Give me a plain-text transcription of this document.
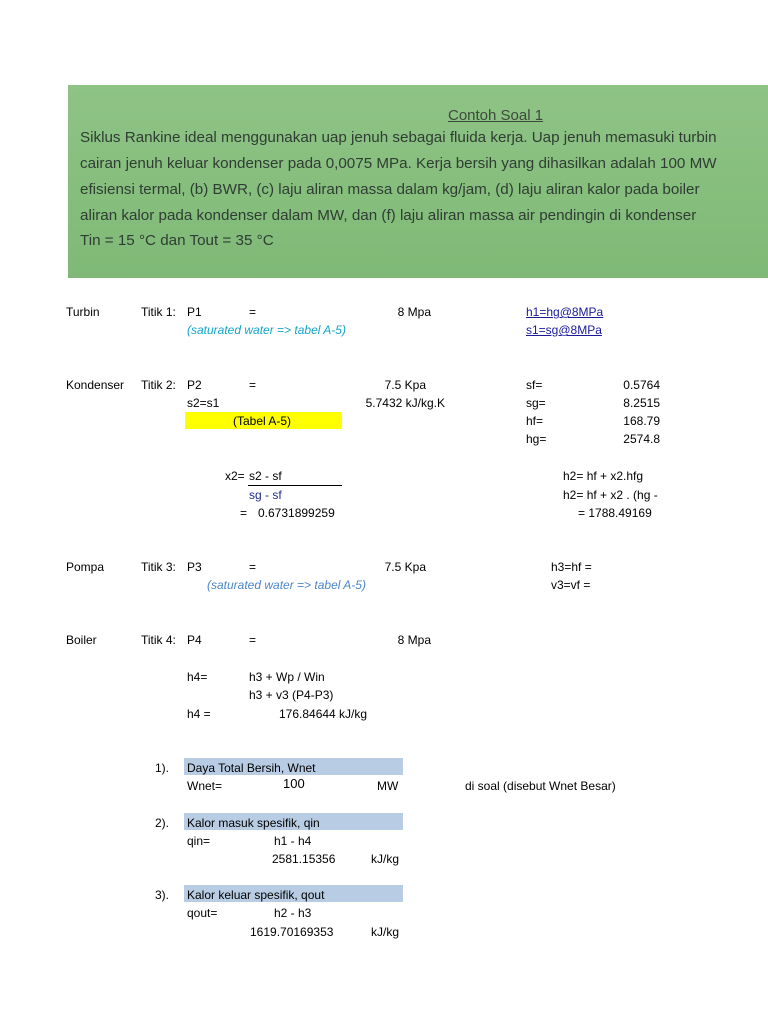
Contoh Soal 1
Siklus Rankine ideal menggunakan uap jenuh sebagai fluida kerja. Uap jenuh memasuki turbin
cairan jenuh keluar kondenser pada 0,0075 MPa. Kerja bersih yang dihasilkan adalah 100 MW
efisiensi termal, (b) BWR, (c) laju aliran massa dalam kg/jam, (d) laju aliran kalor pada boiler
aliran kalor pada kondenser dalam MW, dan (f) laju aliran massa air pendingin di kondenser
Tin = 15 °C dan Tout = 35 °C
Turbin	Titik 1: P1	=	8 Mpa
(saturated water => tabel A-5)
h1=hg@8MPa
s1=sg@8MPa
Kondenser Titik 2: P2	=	7.5 Kpa
s2=s1	5.7432 kJ/kg.K
(Tabel A-5)
sf=	0.5764
sg=	8.2515
hf=	168.79
hg=	2574.8
x2= s2 - sf
sg - sf
= 0.6731899259
h2= hf + x2.hfg
h2= hf + x2 . (hg -
= 1788.49169
Pompa	Titik 3: P3	=	7.5 Kpa
(saturated water => tabel A-5)
h3=hf =
v3=vf =
Boiler	Titik 4: P4	=	8 Mpa
h4=	h3 + Wp / Win
h3 + v3 (P4-P3)
h4 =	176.84644 kJ/kg
1). Daya Total Bersih, Wnet
Wnet=	100	MW	di soal (disebut Wnet Besar)
2). Kalor masuk spesifik, qin
qin=	h1 - h4
2581.15356	kJ/kg
3). Kalor keluar spesifik, qout
qout=	h2 - h3
1619.70169353	kJ/kg
